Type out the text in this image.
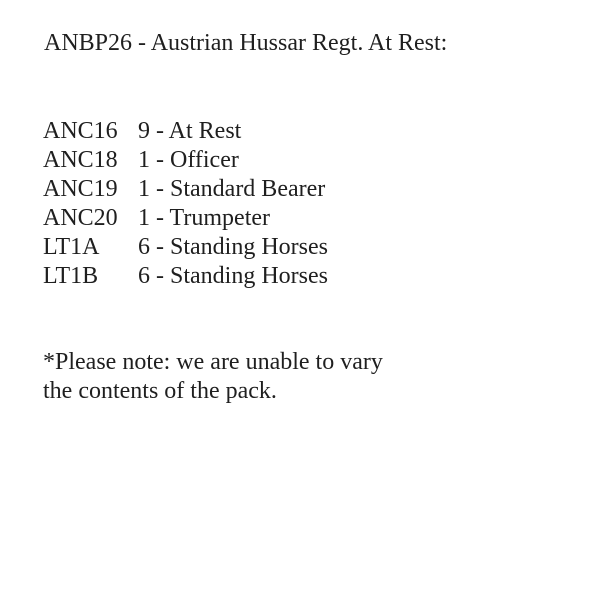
ANBP26 - Austrian Hussar Regt. At Rest:
ANC16 9 - At Rest
ANC18 1 - Officer
ANC19 1 - Standard Bearer
ANC20 1 - Trumpeter
LT1A 6 - Standing Horses
LT1B 6 - Standing Horses
*Please note: we are unable to vary
the contents of the pack.
